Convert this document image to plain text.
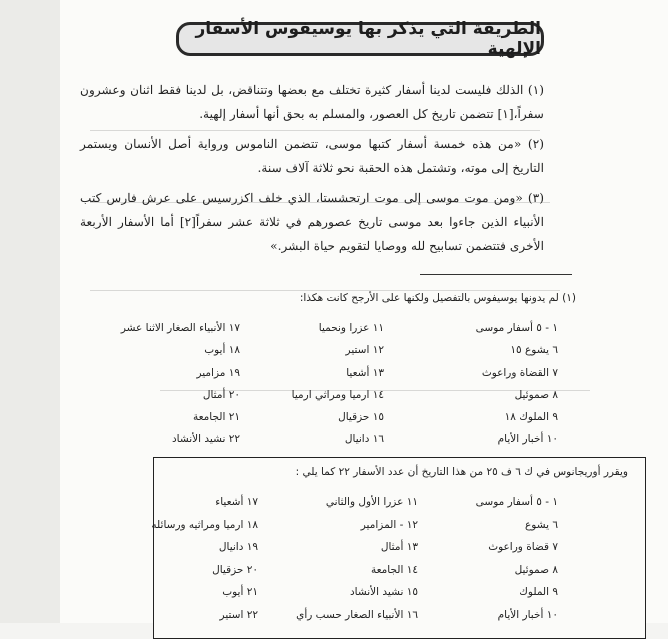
الطريقة التي يذكر بها يوسيفوس الأسفار الإلهية
(١) الذلك فليست لدينا أسفار كثيرة تختلف مع بعضها وتتناقض، بل لدينا فقط اثنان وعشرون سفراً،[١] تتضمن تاريخ كل العصور، والمسلم به بحق أنها أسفار إلهية.
(٢) «من هذه خمسة أسفار كتبها موسى، تتضمن الناموس ورواية أصل الأنسان ويستمر التاريخ إلى موته، وتشتمل هذه الحقبة نحو ثلاثة آلاف سنة.
(٣) «ومن موت موسى إلى موت ارتحشستا، الذي خلف اكزرسيس على عرش فارس كتب الأنبياء الذين جاءوا بعد موسى تاريخ عصورهم في ثلاثة عشر سفراً[٢] أما الأسفار الأربعة الأخرى فتتضمن تسابيح لله ووصايا لتقويم حياة البشر.»
(١) لم يدونها يوسيفوس بالتفصيل ولكنها على الأرجح كانت هكذا:
١ - ٥ أسفار موسى
٦ يشوع ١٥
٧ القضاة وراعوث
٨ صموئيل
٩ الملوك ١٨
١٠ أخبار الأيام
١١ عزرا ونحميا
١٢ استير
١٣ أشعيا
١٤ ارميا ومراثي ارميا
١٥ حزقيال
١٦ دانيال
١٧ الأنبياء الصغار الاثنا عشر
١٨ أيوب
١٩ مزامير
٢٠ أمثال
٢١ الجامعة
٢٢ نشيد الأنشاد
ويقرر أوريجانوس في ك ٦ ف ٢٥ من هذا التاريخ أن عدد الأسفار ٢٢ كما يلي :
١ - ٥ أسفار موسى
٦ يشوع
٧ قضاة وراعوث
٨ صموئيل
٩ الملوك
١٠ أخبار الأيام
١١ عزرا الأول والثاني
١٢ - المزامير
١٣ أمثال
١٤ الجامعة
١٥ نشيد الأنشاد
١٦ الأنبياء الصغار حسب رأي
١٧ أشعياء
١٨ ارميا ومراثيه ورسائله
١٩ دانيال
٢٠ حزقيال
٢١ أيوب
٢٢ استير
